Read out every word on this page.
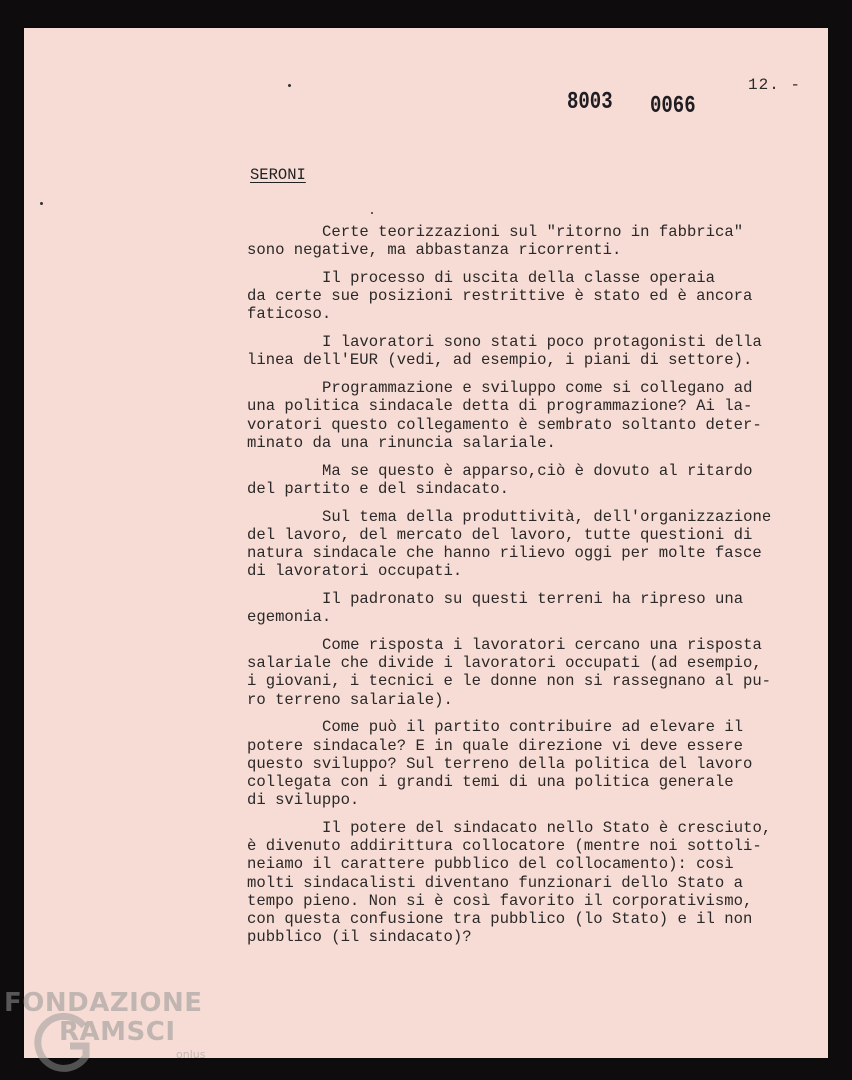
12. -
8003 0066
SERONI
Certe teorizzazioni sul "ritorno in fabbrica"
sono negative, ma abbastanza ricorrenti.
Il processo di uscita della classe operaia
da certe sue posizioni restrittive è stato ed è ancora
faticoso.
I lavoratori sono stati poco protagonisti della
linea dell'EUR (vedi, ad esempio, i piani di settore).
Programmazione e sviluppo come si collegano ad
una politica sindacale detta di programmazione? Ai la-
voratori questo collegamento è sembrato soltanto deter-
minato da una rinuncia salariale.
Ma se questo è apparso,ciò è dovuto al ritardo
del partito e del sindacato.
Sul tema della produttività, dell'organizzazione
del lavoro, del mercato del lavoro, tutte questioni di
natura sindacale che hanno rilievo oggi per molte fasce
di lavoratori occupati.
Il padronato su questi terreni ha ripreso una
egemonia.
Come risposta i lavoratori cercano una risposta
salariale che divide i lavoratori occupati (ad esempio,
i giovani, i tecnici e le donne non si rassegnano al pu-
ro terreno salariale).
Come può il partito contribuire ad elevare il
potere sindacale? E in quale direzione vi deve essere
questo sviluppo? Sul terreno della politica del lavoro
collegata con i grandi temi di una politica generale
di sviluppo.
Il potere del sindacato nello Stato è cresciuto,
è divenuto addirittura collocatore (mentre noi sottoli-
neiamo il carattere pubblico del collocamento): così
molti sindacalisti diventano funzionari dello Stato a
tempo pieno. Non si è così favorito il corporativismo,
con questa confusione tra pubblico (lo Stato) e il non
pubblico (il sindacato)?
FONDAZIONE
RAMSCI
onlus
